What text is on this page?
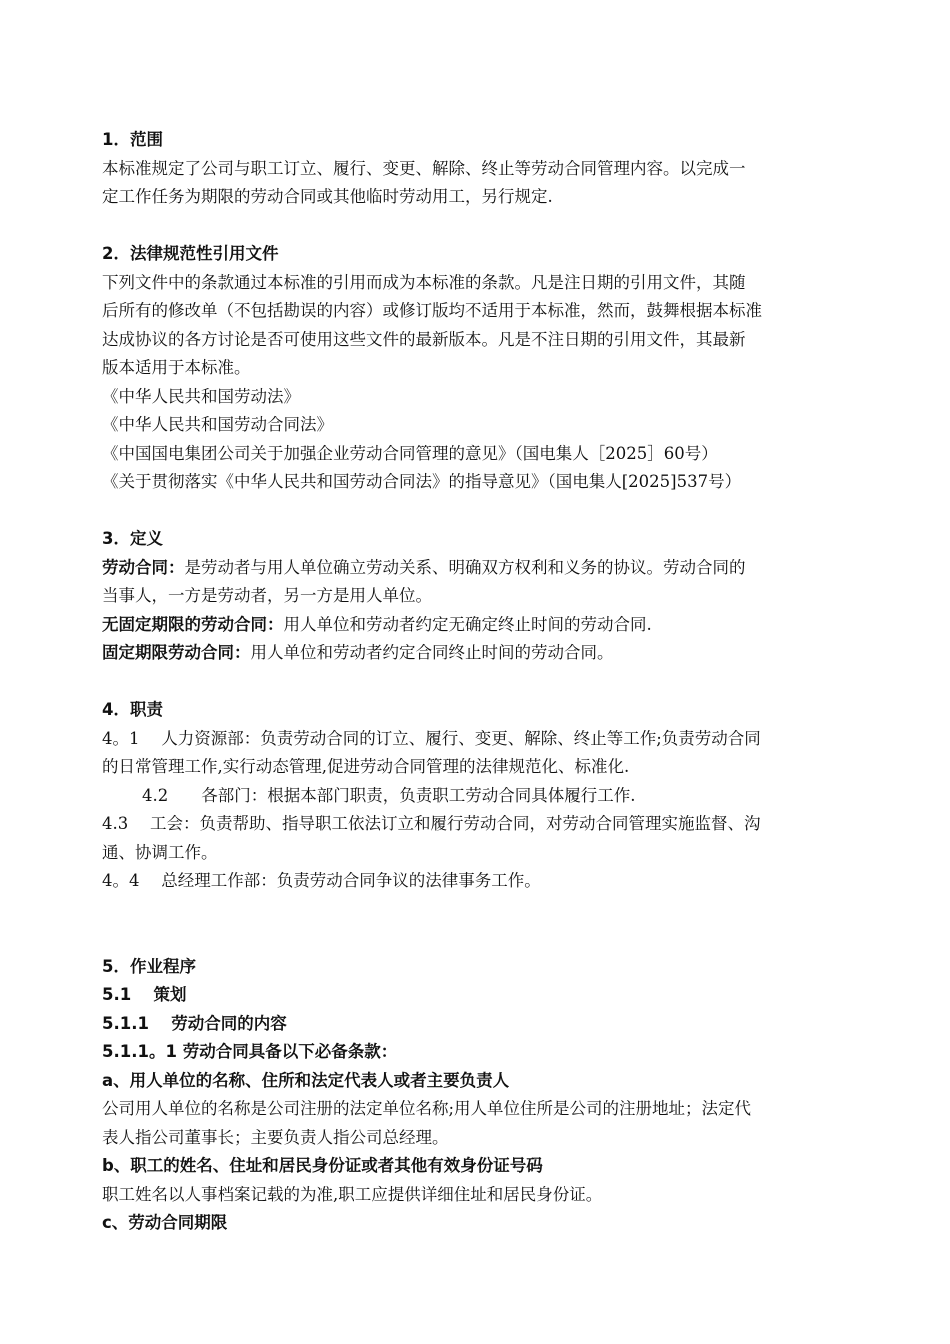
1．范围

本标准规定了公司与职工订立、履行、变更、解除、终止等劳动合同管理内容。以完成一

定工作任务为期限的劳动合同或其他临时劳动用工，另行规定.

2．法律规范性引用文件

下列文件中的条款通过本标准的引用而成为本标准的条款。凡是注日期的引用文件，其随

后所有的修改单（不包括勘误的内容）或修订版均不适用于本标准，然而，鼓舞根据本标准

达成协议的各方讨论是否可使用这些文件的最新版本。凡是不注日期的引用文件，其最新

版本适用于本标准。

《中华人民共和国劳动法》

《中华人民共和国劳动合同法》

《中国国电集团公司关于加强企业劳动合同管理的意见》（国电集人［2025］60号）

《关于贯彻落实《中华人民共和国劳动合同法》的指导意见》（国电集人[2025]537号）

3．定义

劳动合同：是劳动者与用人单位确立劳动关系、明确双方权利和义务的协议。劳动合同的

当事人，一方是劳动者，另一方是用人单位。

无固定期限的劳动合同：用人单位和劳动者约定无确定终止时间的劳动合同.

固定期限劳动合同：用人单位和劳动者约定合同终止时间的劳动合同。

4．职责

4。1　 人力资源部：负责劳动合同的订立、履行、变更、解除、终止等工作;负责劳动合同

的日常管理工作,实行动态管理,促进劳动合同管理的法律规范化、标准化.

4.2　　各部门：根据本部门职责，负责职工劳动合同具体履行工作.

4.3　 工会：负责帮助、指导职工依法订立和履行劳动合同，对劳动合同管理实施监督、沟

通、协调工作。

4。4　 总经理工作部：负责劳动合同争议的法律事务工作。

5．作业程序

5.1　 策划

5.1.1　 劳动合同的内容

5.1.1。1 劳动合同具备以下必备条款：

a、用人单位的名称、住所和法定代表人或者主要负责人

公司用人单位的名称是公司注册的法定单位名称;用人单位住所是公司的注册地址；法定代

表人指公司董事长；主要负责人指公司总经理。

b、职工的姓名、住址和居民身份证或者其他有效身份证号码

职工姓名以人事档案记载的为准,职工应提供详细住址和居民身份证。

c、劳动合同期限
